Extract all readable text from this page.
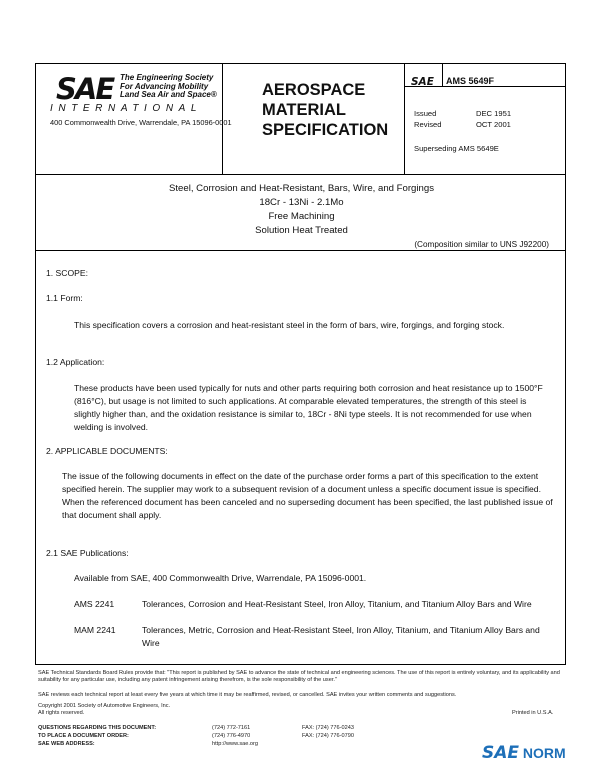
SAE The Engineering Society
For Advancing Mobility
Land Sea Air and Space®
INTERNATIONAL
400 Commonwealth Drive, Warrendale, PA 15096-0001
AEROSPACE
MATERIAL
SPECIFICATION
SAE AMS 5649F
Issued	DEC 1951
Revised	OCT 2001
Superseding AMS 5649E
Steel, Corrosion and Heat-Resistant, Bars, Wire, and Forgings
18Cr - 13Ni - 2.1Mo
Free Machining
Solution Heat Treated
(Composition similar to UNS J92200)
1. SCOPE:
1.1 Form:
This specification covers a corrosion and heat-resistant steel in the form of bars, wire, forgings, and forging stock.
1.2 Application:
These products have been used typically for nuts and other parts requiring both corrosion and heat resistance up to 1500°F (816°C), but usage is not limited to such applications. At comparable elevated temperatures, the strength of this steel is slightly higher than, and the oxidation resistance is similar to, 18Cr - 8Ni type steels. It is not recommended for use when welding is involved.
2. APPLICABLE DOCUMENTS:
The issue of the following documents in effect on the date of the purchase order forms a part of this specification to the extent specified herein. The supplier may work to a subsequent revision of a document unless a specific document issue is specified. When the referenced document has been canceled and no superseding document has been specified, the last published issue of that document shall apply.
2.1 SAE Publications:
Available from SAE, 400 Commonwealth Drive, Warrendale, PA 15096-0001.
AMS 2241	Tolerances, Corrosion and Heat-Resistant Steel, Iron Alloy, Titanium, and Titanium Alloy Bars and Wire
MAM 2241	Tolerances, Metric, Corrosion and Heat-Resistant Steel, Iron Alloy, Titanium, and Titanium Alloy Bars and Wire
SAE Technical Standards Board Rules provide that: "This report is published by SAE to advance the state of technical and engineering sciences. The use of this report is entirely voluntary, and its applicability and suitability for any particular use, including any patent infringement arising therefrom, is the sole responsibility of the user."
SAE reviews each technical report at least every five years at which time it may be reaffirmed, revised, or cancelled. SAE invites your written comments and suggestions.
Copyright 2001 Society of Automotive Engineers, Inc.
All rights reserved.	Printed in U.S.A.
QUESTIONS REGARDING THIS DOCUMENT:	(724) 772-7161	FAX: (724) 776-0243
TO PLACE A DOCUMENT ORDER:	(724) 776-4970	FAX: (724) 776-0790
SAE WEB ADDRESS:	http://www.sae.org	SAE NORM
